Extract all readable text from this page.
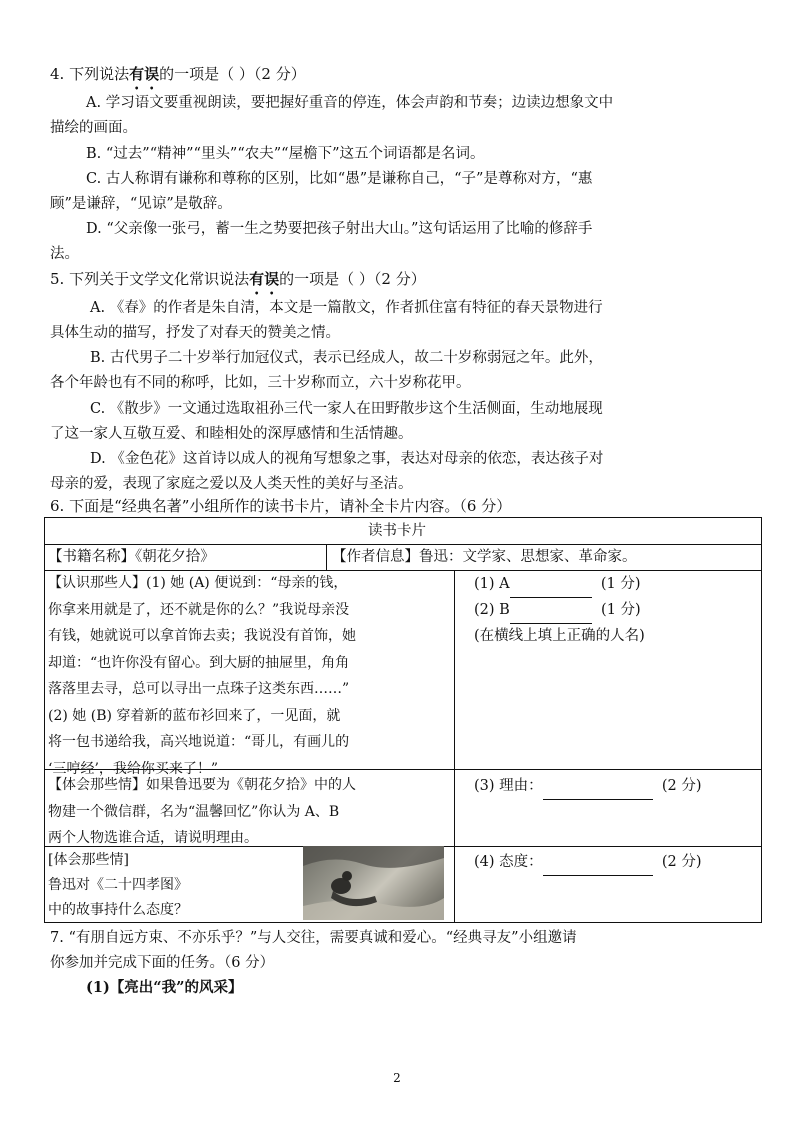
4. 下列说法有误的一项是（ ）（2 分）
A. 学习语文要重视朗读，要把握好重音的停连，体会声韵和节奏；边读边想象文中
描绘的画面。
B. “过去”“精神”“里头”“农夫”“屋檐下”这五个词语都是名词。
C. 古人称谓有谦称和尊称的区别，比如“愚”是谦称自己，“子”是尊称对方，“惠
顾”是谦辞，“见谅”是敬辞。
D. “父亲像一张弓，蓄一生之势要把孩子射出大山。”这句话运用了比喻的修辞手
法。
5. 下列关于文学文化常识说法有误的一项是（ ）（2 分）
A. 《春》的作者是朱自清，本文是一篇散文，作者抓住富有特征的春天景物进行
具体生动的描写，抒发了对春天的赞美之情。
B. 古代男子二十岁举行加冠仪式，表示已经成人，故二十岁称弱冠之年。此外，
各个年龄也有不同的称呼，比如，三十岁称而立，六十岁称花甲。
C. 《散步》一文通过选取祖孙三代一家人在田野散步这个生活侧面，生动地展现
了这一家人互敬互爱、和睦相处的深厚感情和生活情趣。
D. 《金色花》这首诗以成人的视角写想象之事，表达对母亲的依恋，表达孩子对
母亲的爱，表现了家庭之爱以及人类天性的美好与圣洁。
6. 下面是“经典名著”小组所作的读书卡片，请补全卡片内容。（6 分）
读书卡片
【书籍名称】《朝花夕拾》	【作者信息】鲁迅：文学家、思想家、革命家。
【认识那些人】(1) 她 (A) 便说到：“母亲的钱，
你拿来用就是了，还不就是你的么？”我说母亲没
有钱，她就说可以拿首饰去卖；我说没有首饰，她
却道：“也许你没有留心。到大厨的抽屉里，角角
落落里去寻，总可以寻出一点珠子这类东西……”
(2) 她 (B) 穿着新的蓝布衫回来了，一见面，就
将一包书递给我，高兴地说道：“哥儿，有画儿的
‘三哼经’，我给你买来了！”
(1) A	(1 分)
(2) B	(1 分)
(在横线上填上正确的人名)
【体会那些情】如果鲁迅要为《朝花夕拾》中的人
物建一个微信群，名为“温馨回忆”你认为 A、B
两个人物选谁合适，请说明理由。
(3) 理由：	(2 分)
[体会那些情]
鲁迅对《二十四孝图》
中的故事持什么态度？
(4) 态度：	(2 分)
7. “有朋自远方束、不亦乐乎？”与人交往，需要真诚和爱心。“经典寻友”小组邀请
你参加并完成下面的任务。（6 分）
(1)【亮出“我”的风采】
2
